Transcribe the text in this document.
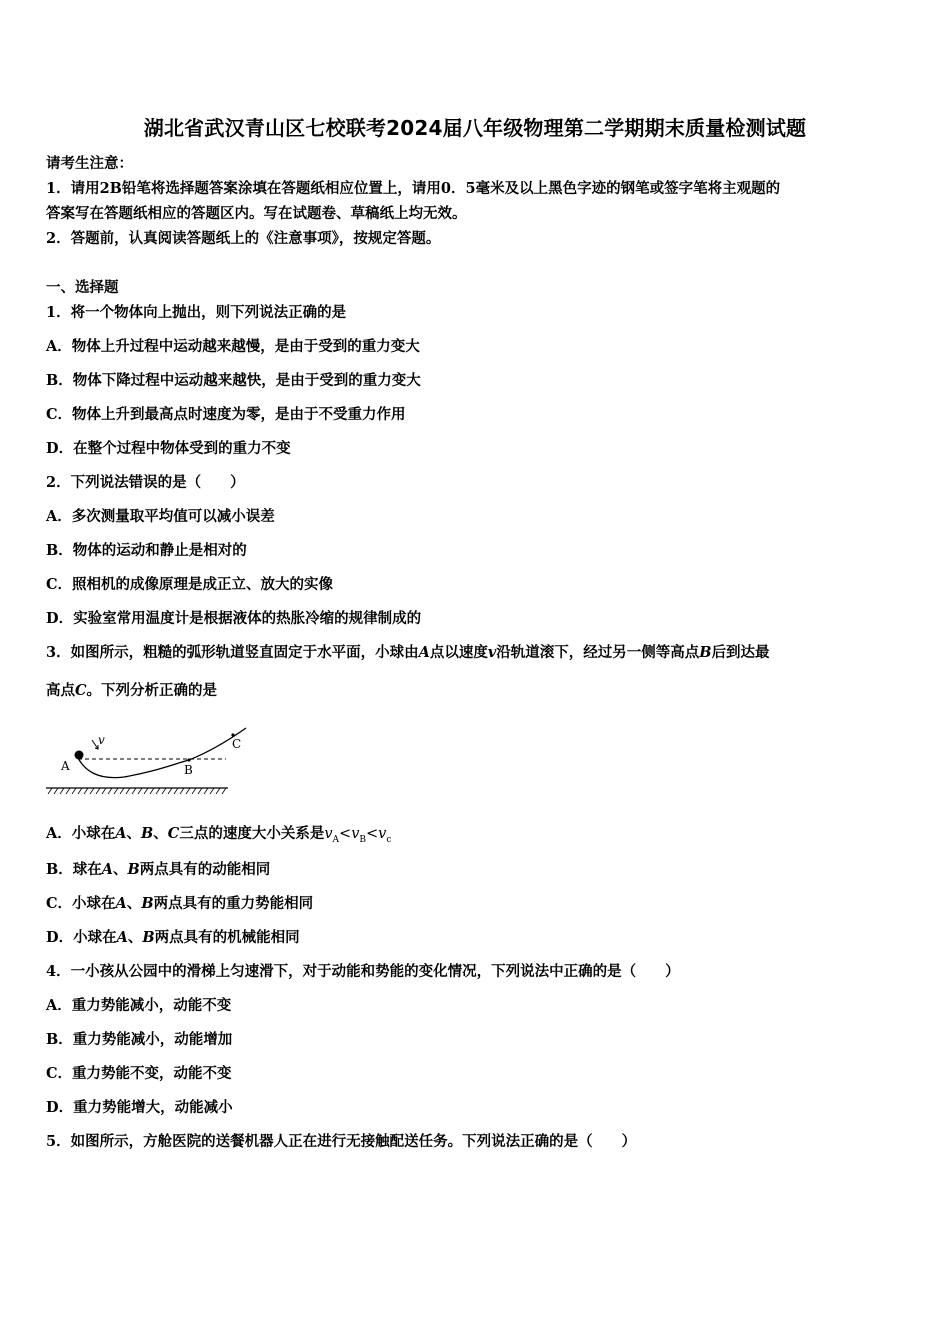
湖北省武汉青山区七校联考2024届八年级物理第二学期期末质量检测试题
请考生注意：
1．请用2B铅笔将选择题答案涂填在答题纸相应位置上，请用0．5毫米及以上黑色字迹的钢笔或签字笔将主观题的
答案写在答题纸相应的答题区内。写在试题卷、草稿纸上均无效。
2．答题前，认真阅读答题纸上的《注意事项》，按规定答题。
一、选择题
1．将一个物体向上抛出，则下列说法正确的是
A．物体上升过程中运动越来越慢，是由于受到的重力变大
B．物体下降过程中运动越来越快，是由于受到的重力变大
C．物体上升到最高点时速度为零，是由于不受重力作用
D．在整个过程中物体受到的重力不变
2．下列说法错误的是（　　）
A．多次测量取平均值可以减小误差
B．物体的运动和静止是相对的
C．照相机的成像原理是成正立、放大的实像
D．实验室常用温度计是根据液体的热胀冷缩的规律制成的
3．如图所示，粗糙的弧形轨道竖直固定于水平面，小球由A点以速度v沿轨道滚下，经过另一侧等高点B后到达最
高点C。下列分析正确的是
A	B
C
v
A．小球在A、B、C三点的速度大小关系是$v_A<v_B<v_c$
B．球在A、B两点具有的动能相同
C．小球在A、B两点具有的重力势能相同
D．小球在A、B两点具有的机械能相同
4．一小孩从公园中的滑梯上匀速滑下，对于动能和势能的变化情况，下列说法中正确的是（　　）
A．重力势能减小，动能不变
B．重力势能减小，动能增加
C．重力势能不变，动能不变
D．重力势能增大，动能减小
5．如图所示，方舱医院的送餐机器人正在进行无接触配送任务。下列说法正确的是（　　）
